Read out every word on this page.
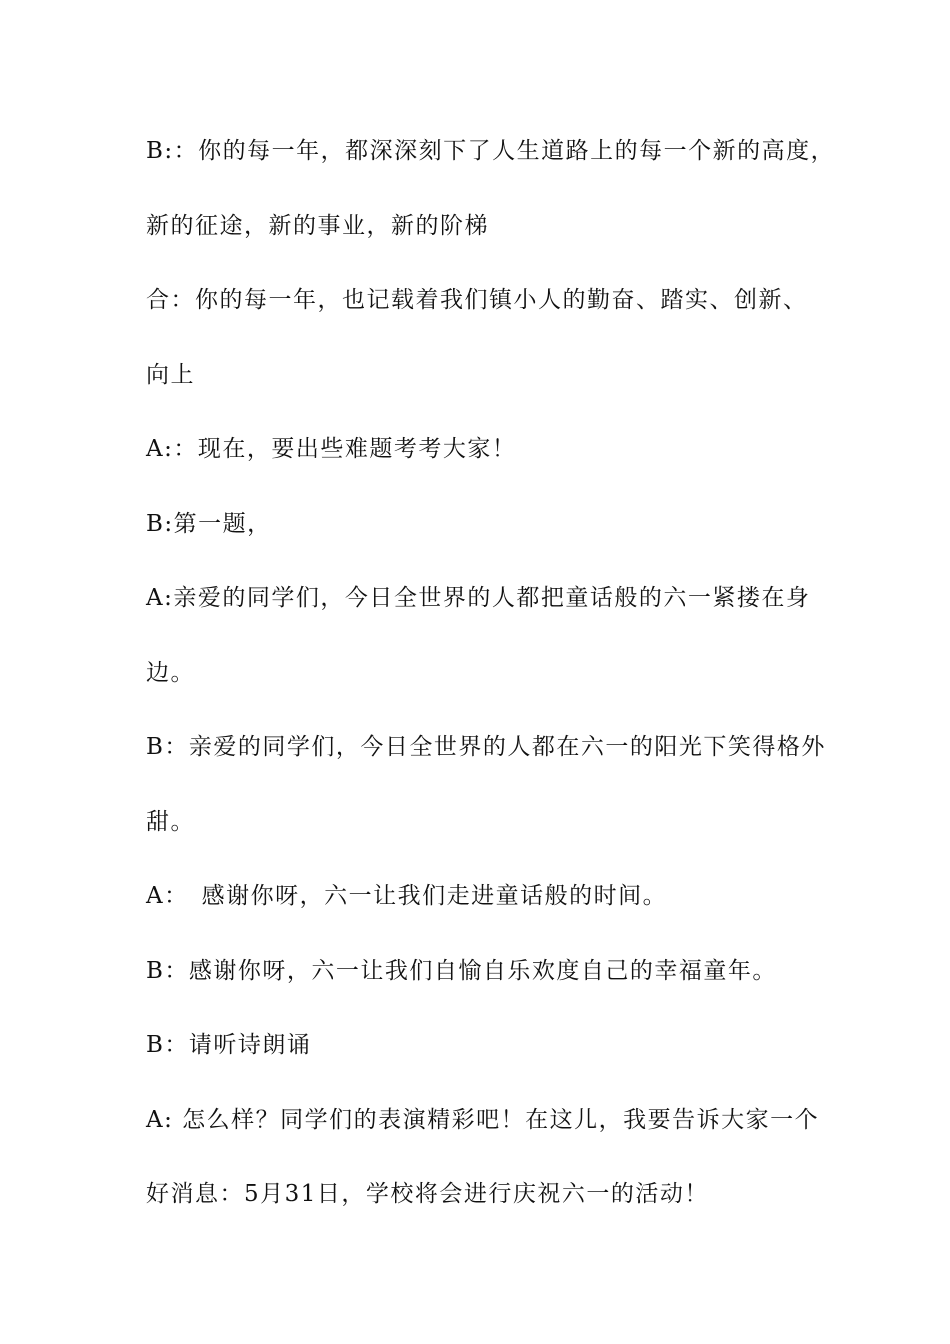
B:：你的每一年，都深深刻下了人生道路上的每一个新的高度，

新的征途，新的事业，新的阶梯

合：你的每一年，也记载着我们镇小人的勤奋、踏实、创新、

向上

A:：现在，要出些难题考考大家！

B:第一题，

A:亲爱的同学们，今日全世界的人都把童话般的六一紧搂在身

边。

B：亲爱的同学们，今日全世界的人都在六一的阳光下笑得格外

甜。

A：　感谢你呀，六一让我们走进童话般的时间。

B：感谢你呀，六一让我们自愉自乐欢度自己的幸福童年。

B：请听诗朗诵

A: 怎么样？同学们的表演精彩吧！在这儿，我要告诉大家一个

好消息：5月31日，学校将会进行庆祝六一的活动！
